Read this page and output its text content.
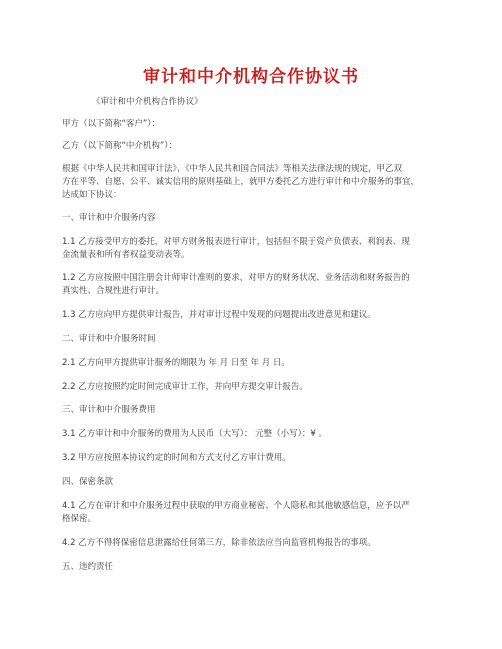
审计和中介机构合作协议书
《审计和中介机构合作协议》
甲方（以下简称“客户”）：
乙方（以下简称“中介机构”）：
根据《中华人民共和国审计法》、《中华人民共和国合同法》等相关法律法规的规定，甲乙双
方在平等、自愿、公平、诚实信用的原则基础上，就甲方委托乙方进行审计和中介服务的事宜，
达成如下协议：
一、审计和中介服务内容
1.1 乙方接受甲方的委托，对甲方财务报表进行审计，包括但不限于资产负债表、利润表、现
金流量表和所有者权益变动表等。
1.2 乙方应按照中国注册会计师审计准则的要求，对甲方的财务状况、业务活动和财务报告的
真实性、合规性进行审计。
1.3 乙方应向甲方提供审计报告，并对审计过程中发现的问题提出改进意见和建议。
二、审计和中介服务时间
2.1 乙方向甲方提供审计服务的期限为 年 月 日至 年 月 日。
2.2 乙方应按照约定时间完成审计工作，并向甲方提交审计报告。
三、审计和中介服务费用
3.1 乙方审计和中介服务的费用为人民币（大写）： 元整（小写）：¥ 。
3.2 甲方应按照本协议约定的时间和方式支付乙方审计费用。
四、保密条款
4.1 乙方在审计和中介服务过程中获取的甲方商业秘密、个人隐私和其他敏感信息，应予以严
格保密。
4.2 乙方不得将保密信息泄露给任何第三方，除非依法应当向监管机构报告的事项。
五、违约责任
